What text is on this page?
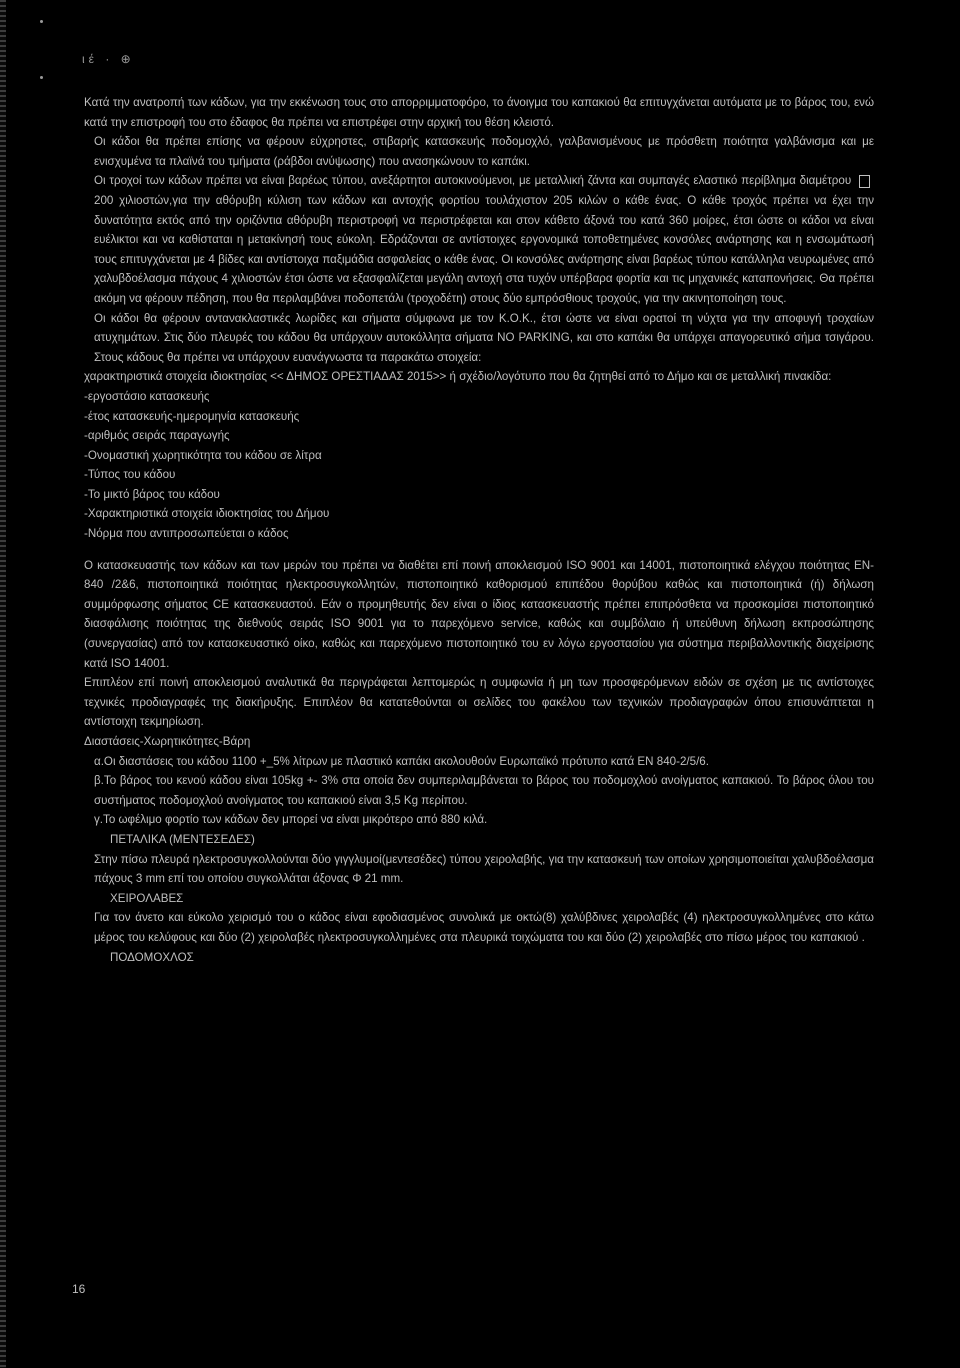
ιέ · ⊕

Κατά την ανατροπή των κάδων, για την εκκένωση τους στο απορριμματοφόρο, το άνοιγμα του καπακιού θα επιτυγχάνεται αυτόματα με το βάρος του, ενώ κατά την επιστροφή του στο έδαφος θα πρέπει να επιστρέφει στην αρχική του θέση κλειστό.

Οι κάδοι θα πρέπει επίσης να φέρουν εύχρηστες, στιβαρής κατασκευής ποδομοχλό, γαλβανισμένους με πρόσθετη ποιότητα γαλβάνισμα και με ενισχυμένα τα πλαϊνά του τμήματα (ράβδοι ανύψωσης) που ανασηκώνουν το καπάκι.

Οι τροχοί των κάδων πρέπει να είναι βαρέως τύπου, ανεξάρτητοι αυτοκινούμενοι, με μεταλλική ζάντα και συμπαγές ελαστικό περίβλημα διαμέτρου  200 χιλιοστών,για την αθόρυβη κύλιση των κάδων και αντοχής φορτίου τουλάχιστον 205 κιλών ο κάθε ένας. Ο κάθε τροχός πρέπει να έχει την δυνατότητα εκτός από την οριζόντια αθόρυβη περιστροφή να περιστρέφεται και στον κάθετο άξονά του κατά 360 μοίρες, έτσι ώστε οι κάδοι να είναι ευέλικτοι και να καθίσταται η μετακίνησή τους εύκολη. Εδράζονται σε αντίστοιχες εργονομικά τοποθετημένες κονσόλες ανάρτησης και η ενσωμάτωσή τους επιτυγχάνεται με 4 βίδες και αντίστοιχα παξιμάδια ασφαλείας ο κάθε ένας. Οι κονσόλες ανάρτησης είναι βαρέως τύπου κατάλληλα νευρωμένες από χαλυβδοέλασμα πάχους 4 χιλιοστών έτσι ώστε να εξασφαλίζεται μεγάλη αντοχή στα τυχόν υπέρβαρα φορτία και τις μηχανικές καταπονήσεις. Θα πρέπει ακόμη να φέρουν πέδηση, που θα περιλαμβάνει ποδοπετάλι (τροχοδέτη) στους δύο εμπρόσθιους τροχούς, για την ακινητοποίηση τους.

Οι κάδοι θα φέρουν αντανακλαστικές λωρίδες και σήματα σύμφωνα με τον Κ.Ο.Κ., έτσι ώστε να είναι ορατοί τη νύχτα για την αποφυγή τροχαίων ατυχημάτων. Στις δύο πλευρές του κάδου θα υπάρχουν αυτοκόλλητα σήματα NO PARKING, και στο καπάκι θα υπάρχει απαγορευτικό σήμα τσιγάρου. Στους κάδους θα πρέπει να υπάρχουν ευανάγνωστα τα παρακάτω στοιχεία:

χαρακτηριστικά στοιχεία ιδιοκτησίας << ΔΗΜΟΣ ΟΡΕΣΤΙΑΔΑΣ 2015>> ή σχέδιο/λογότυπο που θα ζητηθεί από το Δήμο και σε μεταλλική πινακίδα:

-εργοστάσιο κατασκευής

-έτος κατασκευής-ημερομηνία κατασκευής

-αριθμός σειράς παραγωγής

-Ονομαστική χωρητικότητα του κάδου σε λίτρα

-Τύπος του κάδου

-Το μικτό βάρος του κάδου

-Χαρακτηριστικά στοιχεία ιδιοκτησίας του Δήμου

-Νόρμα που αντιπροσωπεύεται ο κάδος

Ο κατασκευαστής των κάδων και των μερών του πρέπει να διαθέτει επί ποινή αποκλεισμού ISO 9001 και 14001, πιστοποιητικά ελέγχου ποιότητας EN-840 /2&6, πιστοποιητικά ποιότητας ηλεκτροσυγκολλητών, πιστοποιητικό καθορισμού επιπέδου θορύβου καθώς και πιστοποιητικά (ή) δήλωση συμμόρφωσης σήματος CE κατασκευαστού. Εάν ο προμηθευτής δεν είναι ο ίδιος κατασκευαστής πρέπει επιπρόσθετα να προσκομίσει πιστοποιητικό διασφάλισης ποιότητας της διεθνούς σειράς ISO 9001 για το παρεχόμενο service, καθώς και συμβόλαιο ή υπεύθυνη δήλωση εκπροσώπησης (συνεργασίας) από τον κατασκευαστικό οίκο, καθώς και παρεχόμενο πιστοποιητικό του εν λόγω εργοστασίου για σύστημα περιβαλλοντικής διαχείρισης κατά ISO 14001.

Επιπλέον επί ποινή αποκλεισμού αναλυτικά θα περιγράφεται λεπτομερώς η συμφωνία ή μη των προσφερόμενων ειδών σε σχέση με τις αντίστοιχες τεχνικές προδιαγραφές της διακήρυξης. Επιπλέον θα κατατεθούνται οι σελίδες του φακέλου των τεχνικών προδιαγραφών όπου επισυνάπτεται η αντίστοιχη τεκμηρίωση.

Διαστάσεις-Χωρητικότητες-Βάρη

α.Οι διαστάσεις του κάδου 1100 +_5% λίτρων με πλαστικό καπάκι ακολουθούν Ευρωπαϊκό πρότυπο κατά EN 840-2/5/6.

β.Το βάρος του κενού κάδου είναι 105kg +- 3% στα οποία δεν συμπεριλαμβάνεται το βάρος του ποδομοχλού ανοίγματος καπακιού. Το βάρος όλου του συστήματος ποδομοχλού ανοίγματος του καπακιού είναι 3,5 Kg περίπου.

γ.Το ωφέλιμο φορτίο των κάδων δεν μπορεί να είναι μικρότερο από 880 κιλά.

ΠΕΤΑΛΙΚΑ (ΜΕΝΤΕΣΕΔΕΣ)

Στην πίσω πλευρά ηλεκτροσυγκολλούνται δύο γιγγλυμοί(μεντεσέδες) τύπου χειρολαβής, για την κατασκευή των οποίων χρησιμοποιείται χαλυβδοέλασμα πάχους 3 mm επί του οποίου συγκολλάται άξονας Φ 21 mm.

ΧΕΙΡΟΛΑΒΕΣ

Για τον άνετο και εύκολο χειρισμό του ο κάδος είναι εφοδιασμένος συνολικά με οκτώ(8) χαλύβδινες χειρολαβές (4) ηλεκτροσυγκολλημένες στο κάτω μέρος του κελύφους και δύο (2) χειρολαβές ηλεκτροσυγκολλημένες στα πλευρικά τοιχώματα του και δύο (2) χειρολαβές στο πίσω μέρος του καπακιού .

ΠΟΔΟΜΟΧΛΟΣ

16
